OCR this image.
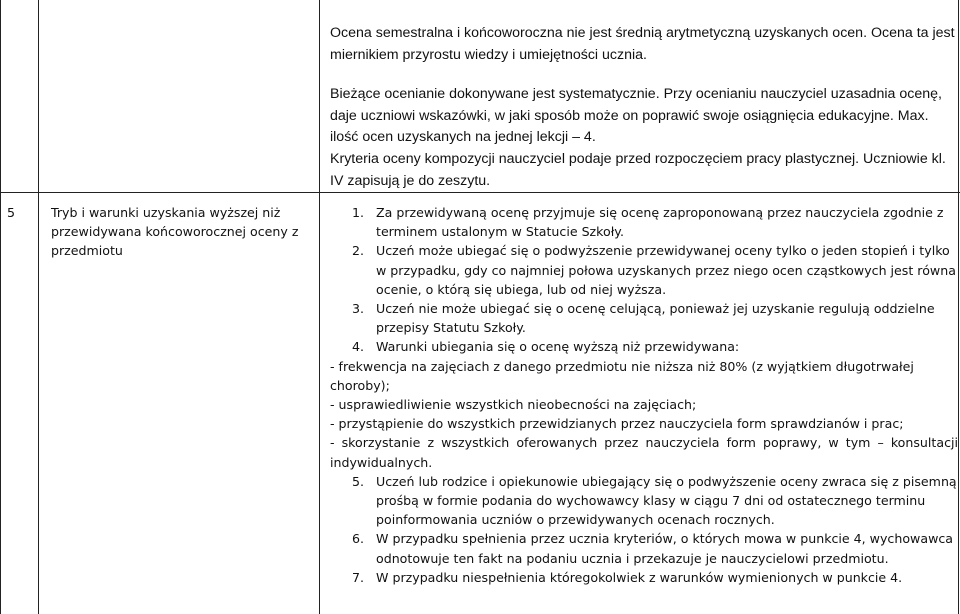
Ocena semestralna i końcoworoczna nie jest średnią arytmetyczną uzyskanych ocen. Ocena ta jest miernikiem przyrostu wiedzy i umiejętności ucznia.

Bieżące ocenianie dokonywane jest systematycznie. Przy ocenianiu nauczyciel uzasadnia ocenę, daje uczniowi wskazówki, w jaki sposób może on poprawić swoje osiągnięcia edukacyjne. Max. ilość ocen uzyskanych na jednej lekcji – 4.

Kryteria oceny kompozycji nauczyciel podaje przed rozpoczęciem pracy plastycznej. Uczniowie kl. IV zapisują je do zeszytu.

5	Tryb i warunki uzyskania wyższej niż przewidywana końcoworocznej oceny z przedmiotu
1. Za przewidywaną ocenę przyjmuje się ocenę zaproponowaną przez nauczyciela zgodnie z terminem ustalonym w Statucie Szkoły.
2. Uczeń może ubiegać się o podwyższenie przewidywanej oceny tylko o jeden stopień i tylko w przypadku, gdy co najmniej połowa uzyskanych przez niego ocen cząstkowych jest równa ocenie, o którą się ubiega, lub od niej wyższa.
3. Uczeń nie może ubiegać się o ocenę celującą, ponieważ jej uzyskanie regulują oddzielne przepisy Statutu Szkoły.
4. Warunki ubiegania się o ocenę wyższą niż przewidywana:

- frekwencja na zajęciach z danego przedmiotu nie niższa niż 80% (z wyjątkiem długotrwałej choroby);

- usprawiedliwienie wszystkich nieobecności na zajęciach;

- przystąpienie do wszystkich przewidzianych przez nauczyciela form sprawdzianów i prac;

- skorzystanie z wszystkich oferowanych przez nauczyciela form poprawy, w tym – konsultacji indywidualnych.

5. Uczeń lub rodzice i opiekunowie ubiegający się o podwyższenie oceny zwraca się z pisemną prośbą w formie podania do wychowawcy klasy w ciągu 7 dni od ostatecznego terminu poinformowania uczniów o przewidywanych ocenach rocznych.
6. W przypadku spełnienia przez ucznia kryteriów, o których mowa w punkcie 4, wychowawca odnotowuje ten fakt na podaniu ucznia i przekazuje je nauczycielowi przedmiotu.
7. W przypadku niespełnienia któregokolwiek z warunków wymienionych w punkcie 4.
